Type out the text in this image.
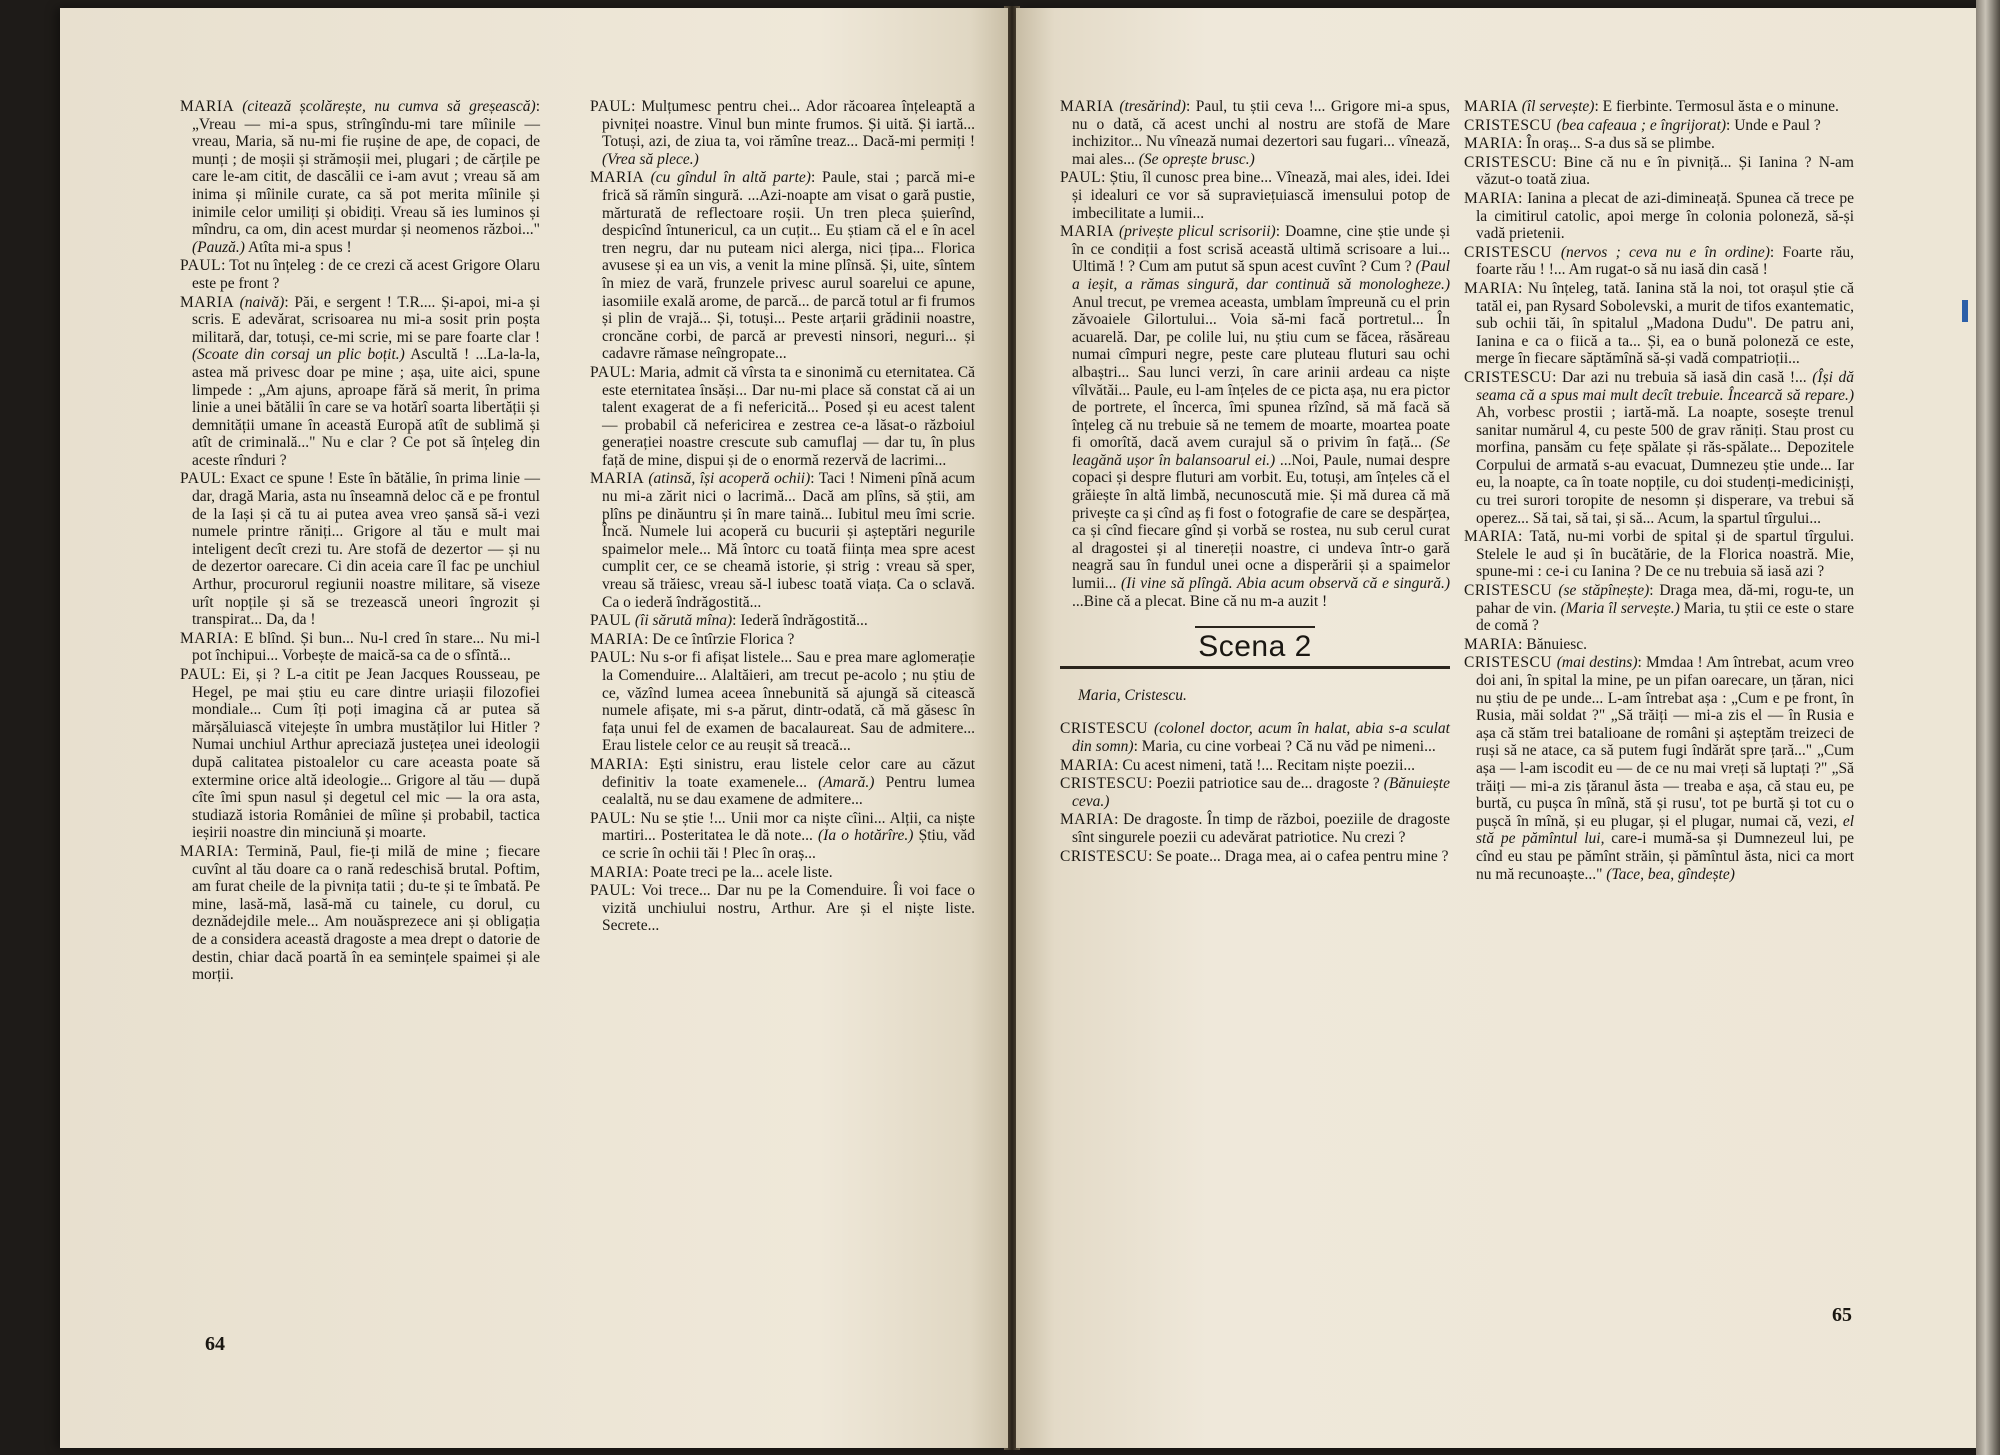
MARIA (citează școlărește, nu cumva să greșească): „Vreau — mi-a spus, strîngîndu-mi tare mîinile — vreau, Maria, să nu-mi fie rușine de ape, de copaci, de munți ; de moșii și strămoșii mei, plugari ; de cărțile pe care le-am citit, de dascălii ce i-am avut ; vreau să am inima și mîinile curate, ca să pot merita mîinile și inimile celor umiliți și obidiți. Vreau să ies luminos și mîndru, ca om, din acest murdar și neomenos război..." (Pauză.) Atîta mi-a spus !

PAUL: Tot nu înțeleg : de ce crezi că acest Grigore Olaru este pe front ?

MARIA (naivă): Păi, e sergent ! T.R.... Și-apoi, mi-a și scris. E adevărat, scrisoarea nu mi-a sosit prin poșta militară, dar, totuși, ce-mi scrie, mi se pare foarte clar ! (Scoate din corsaj un plic boțit.) Ascultă ! ...La-la-la, astea mă privesc doar pe mine ; așa, uite aici, spune limpede : „Am ajuns, aproape fără să merit, în prima linie a unei bătălii în care se va hotărî soarta libertății și demnității umane în această Europă atît de sublimă și atît de criminală..." Nu e clar ? Ce pot să înțeleg din aceste rînduri ?

PAUL: Exact ce spune ! Este în bătălie, în prima linie — dar, dragă Maria, asta nu înseamnă deloc că e pe frontul de la Iași și că tu ai putea avea vreo șansă să-i vezi numele printre răniți... Grigore al tău e mult mai inteligent decît crezi tu. Are stofă de dezertor — și nu de dezertor oarecare. Ci din aceia care îl fac pe unchiul Arthur, procurorul regiunii noastre militare, să viseze urît nopțile și să se trezească uneori îngrozit și transpirat... Da, da !

MARIA: E blînd. Și bun... Nu-l cred în stare... Nu mi-l pot închipui... Vorbește de maică-sa ca de o sfîntă...

PAUL: Ei, și ? L-a citit pe Jean Jacques Rousseau, pe Hegel, pe mai știu eu care dintre uriașii filozofiei mondiale... Cum îți poți imagina că ar putea să mărșăluiască vitejește în umbra mustăților lui Hitler ? Numai unchiul Arthur apreciază justețea unei ideologii după calitatea pistoalelor cu care aceasta poate să extermine orice altă ideologie... Grigore al tău — după cîte îmi spun nasul și degetul cel mic — la ora asta, studiază istoria României de mîine și probabil, tactica ieșirii noastre din minciună și moarte.

MARIA: Termină, Paul, fie-ți milă de mine ; fiecare cuvînt al tău doare ca o rană redeschisă brutal. Poftim, am furat cheile de la pivnița tatii ; du-te și te îmbată. Pe mine, lasă-mă, lasă-mă cu tainele, cu dorul, cu deznădejdile mele... Am nouăsprezece ani și obligația de a considera această dragoste a mea drept o datorie de destin, chiar dacă poartă în ea semințele spaimei și ale morții.

PAUL: Mulțumesc pentru chei... Ador răcoarea înțeleaptă a pivniței noastre. Vinul bun minte frumos. Și uită. Și iartă... Totuși, azi, de ziua ta, voi rămîne treaz... Dacă-mi permiți ! (Vrea să plece.)

MARIA (cu gîndul în altă parte): Paule, stai ; parcă mi-e frică să rămîn singură. ...Azi-noapte am visat o gară pustie, mărturată de reflectoare roșii. Un tren pleca șuierînd, despicînd întunericul, ca un cuțit... Eu știam că el e în acel tren negru, dar nu puteam nici alerga, nici țipa... Florica avusese și ea un vis, a venit la mine plînsă. Și, uite, sîntem în miez de vară, frunzele privesc aurul soarelui ce apune, iasomiile exală arome, de parcă... de parcă totul ar fi frumos și plin de vrajă... Și, totuși... Peste arțarii grădinii noastre, croncăne corbi, de parcă ar prevesti ninsori, neguri... și cadavre rămase neîngropate...

PAUL: Maria, admit că vîrsta ta e sinonimă cu eternitatea. Că este eternitatea însăși... Dar nu-mi place să constat că ai un talent exagerat de a fi nefericită... Posed și eu acest talent — probabil că nefericirea e zestrea ce-a lăsat-o războiul generației noastre crescute sub camuflaj — dar tu, în plus față de mine, dispui și de o enormă rezervă de lacrimi...

MARIA (atinsă, își acoperă ochii): Taci ! Nimeni pînă acum nu mi-a zărit nici o lacrimă... Dacă am plîns, să știi, am plîns pe dinăuntru și în mare taină... Iubitul meu îmi scrie. Încă. Numele lui acoperă cu bucurii și așteptări negurile spaimelor mele... Mă întorc cu toată ființa mea spre acest cumplit cer, ce se cheamă istorie, și strig : vreau să sper, vreau să trăiesc, vreau să-l iubesc toată viața. Ca o sclavă. Ca o iederă îndrăgostită...

PAUL (îi sărută mîna): Iederă îndrăgostită...

MARIA: De ce întîrzie Florica ?

PAUL: Nu s-or fi afișat listele... Sau e prea mare aglomerație la Comenduire... Alaltăieri, am trecut pe-acolo ; nu știu de ce, văzînd lumea aceea înnebunită să ajungă să citească numele afișate, mi s-a părut, dintr-odată, că mă găsesc în fața unui fel de examen de bacalaureat. Sau de admitere... Erau listele celor ce au reușit să treacă...

MARIA: Ești sinistru, erau listele celor care au căzut definitiv la toate examenele... (Amară.) Pentru lumea cealaltă, nu se dau examene de admitere...

PAUL: Nu se știe !... Unii mor ca niște cîini... Alții, ca niște martiri... Posteritatea le dă note... (Ia o hotărîre.) Știu, văd ce scrie în ochii tăi ! Plec în oraș...

MARIA: Poate treci pe la... acele liste.

PAUL: Voi trece... Dar nu pe la Comenduire. Îi voi face o vizită unchiului nostru, Arthur. Are și el niște liste. Secrete...

64

MARIA (tresărind): Paul, tu știi ceva !... Grigore mi-a spus, nu o dată, că acest unchi al nostru are stofă de Mare inchizitor... Nu vînează numai dezertori sau fugari... vînează, mai ales... (Se oprește brusc.)

PAUL: Știu, îl cunosc prea bine... Vînează, mai ales, idei. Idei și idealuri ce vor să supraviețuiască imensului potop de imbecilitate a lumii...

MARIA (privește plicul scrisorii): Doamne, cine știe unde și în ce condiții a fost scrisă această ultimă scrisoare a lui... Ultimă ! ? Cum am putut să spun acest cuvînt ? Cum ? (Paul a ieșit, a rămas singură, dar continuă să monologheze.) Anul trecut, pe vremea aceasta, umblam împreună cu el prin zăvoaiele Gilortului... Voia să-mi facă portretul... În acuarelă. Dar, pe colile lui, nu știu cum se făcea, răsăreau numai cîmpuri negre, peste care pluteau fluturi sau ochi albaștri... Sau lunci verzi, în care arinii ardeau ca niște vîlvătăi... Paule, eu l-am înțeles de ce picta așa, nu era pictor de portrete, el încerca, îmi spunea rîzînd, să mă facă să înțeleg că nu trebuie să ne temem de moarte, moartea poate fi omorîtă, dacă avem curajul să o privim în față... (Se leagănă ușor în balansoarul ei.) ...Noi, Paule, numai despre copaci și despre fluturi am vorbit. Eu, totuși, am înțeles că el grăiește în altă limbă, necunoscută mie. Și mă durea că mă privește ca și cînd aș fi fost o fotografie de care se despărțea, ca și cînd fiecare gînd și vorbă se rostea, nu sub cerul curat al dragostei și al tinereții noastre, ci undeva într-o gară neagră sau în fundul unei ocne a disperării și a spaimelor lumii... (Ii vine să plîngă. Abia acum observă că e singură.) ...Bine că a plecat. Bine că nu m-a auzit !

Scena 2

Maria, Cristescu.

CRISTESCU (colonel doctor, acum în halat, abia s-a sculat din somn): Maria, cu cine vorbeai ? Că nu văd pe nimeni...

MARIA: Cu acest nimeni, tată !... Recitam niște poezii...

CRISTESCU: Poezii patriotice sau de... dragoste ? (Bănuiește ceva.)

MARIA: De dragoste. În timp de război, poeziile de dragoste sînt singurele poezii cu adevărat patriotice. Nu crezi ?

CRISTESCU: Se poate... Draga mea, ai o cafea pentru mine ?

MARIA (îl servește): E fierbinte. Termosul ăsta e o minune.

CRISTESCU (bea cafeaua ; e îngrijorat): Unde e Paul ?

MARIA: În oraș... S-a dus să se plimbe.

CRISTESCU: Bine că nu e în pivniță... Și Ianina ? N-am văzut-o toată ziua.

MARIA: Ianina a plecat de azi-dimineață. Spunea că trece pe la cimitirul catolic, apoi merge în colonia poloneză, să-și vadă prietenii.

CRISTESCU (nervos ; ceva nu e în ordine): Foarte rău, foarte rău ! !... Am rugat-o să nu iasă din casă !

MARIA: Nu înțeleg, tată. Ianina stă la noi, tot orașul știe că tatăl ei, pan Rysard Sobolevski, a murit de tifos exantematic, sub ochii tăi, în spitalul „Madona Dudu". De patru ani, Ianina e ca o fiică a ta... Și, ea o bună poloneză ce este, merge în fiecare săptămînă să-și vadă compatrioții...

CRISTESCU: Dar azi nu trebuia să iasă din casă !... (Își dă seama că a spus mai mult decît trebuie. Încearcă să repare.) Ah, vorbesc prostii ; iartă-mă. La noapte, sosește trenul sanitar numărul 4, cu peste 500 de grav răniți. Stau prost cu morfina, pansăm cu fețe spălate și răs-spălate... Depozitele Corpului de armată s-au evacuat, Dumnezeu știe unde... Iar eu, la noapte, ca în toate nopțile, cu doi studenți-medicinișți, cu trei surori toropite de nesomn și disperare, va trebui să operez... Să tai, să tai, și să... Acum, la spartul tîrgului...

MARIA: Tată, nu-mi vorbi de spital și de spartul tîrgului. Stelele le aud și în bucătărie, de la Florica noastră. Mie, spune-mi : ce-i cu Ianina ? De ce nu trebuia să iasă azi ?

CRISTESCU (se stăpînește): Draga mea, dă-mi, rogu-te, un pahar de vin. (Maria îl servește.) Maria, tu știi ce este o stare de comă ?

MARIA: Bănuiesc.

CRISTESCU (mai destins): Mmdaa ! Am întrebat, acum vreo doi ani, în spital la mine, pe un pifan oarecare, un țăran, nici nu știu de pe unde... L-am întrebat așa : „Cum e pe front, în Rusia, măi soldat ?" „Să trăiți — mi-a zis el — în Rusia e așa că stăm trei batalioane de români și așteptăm treizeci de ruși să ne atace, ca să putem fugi îndărăt spre țară..." „Cum așa — l-am iscodit eu — de ce nu mai vreți să luptați ?" „Să trăiți — mi-a zis țăranul ăsta — treaba e așa, că stau eu, pe burtă, cu pușca în mînă, stă și rusu', tot pe burtă și tot cu o pușcă în mînă, și eu plugar, și el plugar, numai că, vezi, el stă pe pămîntul lui, care-i mumă-sa și Dumnezeul lui, pe cînd eu stau pe pămînt străin, și pămîntul ăsta, nici ca mort nu mă recunoaște..." (Tace, bea, gîndește)

65
